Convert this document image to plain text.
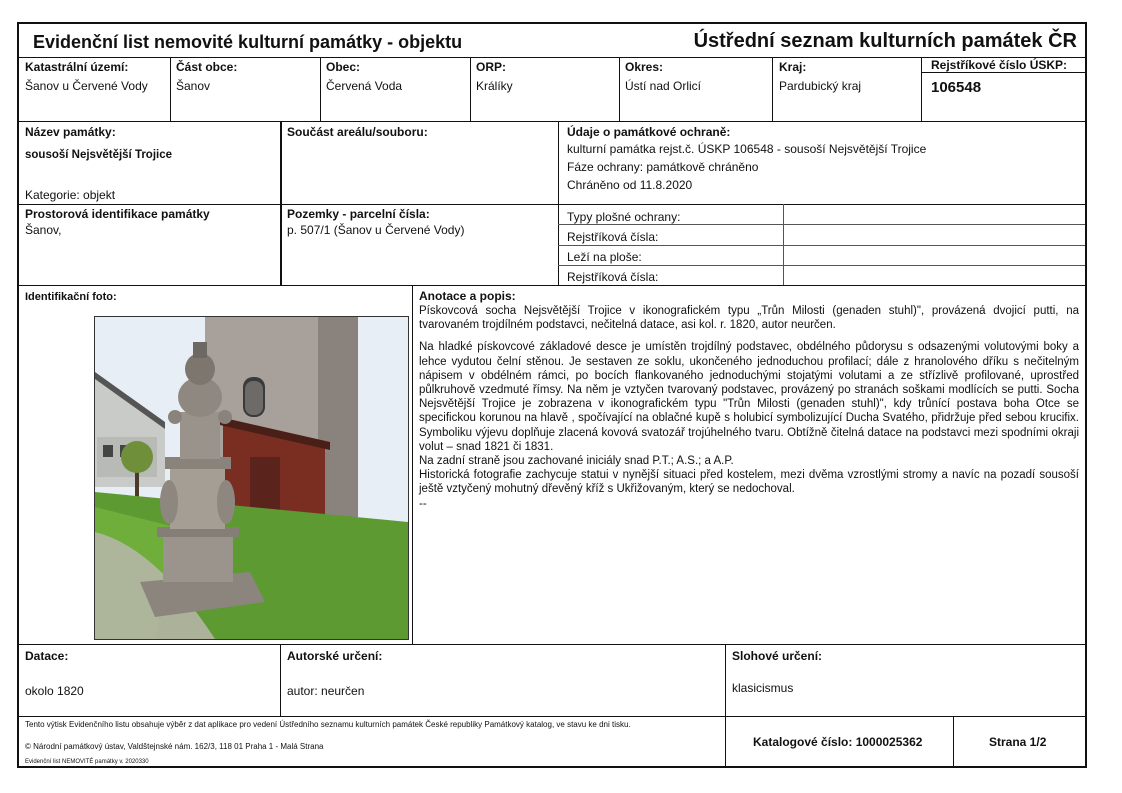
Evidenční list nemovité kulturní památky - objektu	Ústřední seznam kulturních památek ČR
Katastrální území:
Šanov u Červené Vody
Část obce:
Šanov
Obec:
Červená Voda
ORP:
Králíky
Okres:
Ústí nad Orlicí
Kraj:
Pardubický kraj
Rejstříkové číslo ÚSKP:
106548
Název památky:
sousoší Nejsvětější Trojice
Kategorie: objekt
Součást areálu/souboru:	Údaje o památkové ochraně:
kulturní památka rejst.č. ÚSKP 106548 - sousoší Nejsvětější Trojice
Fáze ochrany: památkově chráněno
Chráněno od 11.8.2020
Prostorová identifikace památky
Šanov,
Pozemky - parcelní čísla:
p. 507/1 (Šanov u Červené Vody)
Typy plošné ochrany:
Rejstříková čísla:
Leží na ploše:
Rejstříková čísla:
Identifikační foto:	Anotace a popis:

Pískovcová socha Nejsvětější Trojice v ikonografickém typu „Trůn Milosti (genaden stuhl)", provázená dvojicí putti, na tvarovaném trojdílném podstavci, nečitelná datace, asi kol. r. 1820, autor neurčen.

Na hladké pískovcové základové desce je umístěn trojdílný podstavec, obdélného půdorysu s odsazenými volutovými boky a lehce vydutou čelní stěnou. Je sestaven ze soklu, ukončeného jednoduchou profilací; dále z hranolového dříku s nečitelným nápisem v obdélném rámci, po bocích flankovaného jednoduchými stojatými volutami a ze střízlivě profilované, uprostřed půlkruhově vzedmuté římsy. Na něm je vztyčen tvarovaný podstavec, provázený po stranách soškami modlících se putti. Socha Nejsvětější Trojice je zobrazena v ikonografickém typu "Trůn Milosti (genaden stuhl)", kdy trůnící postava boha Otce se specifickou korunou na hlavě , spočívající na oblačné kupě s holubicí symbolizující Ducha Svatého, přidržuje před sebou krucifix. Symboliku výjevu doplňuje zlacená kovová svatozář trojúhelného tvaru. Obtížně čitelná datace na podstavci mezi spodními okraji volut – snad 1821 či 1831.

Na zadní straně jsou zachované iniciály snad P.T.; A.S.; a A.P.

Historická fotografie zachycuje statui v nynější situaci před kostelem, mezi dvěma vzrostlými stromy a navíc na pozadí sousoší ještě vztyčený mohutný dřevěný kříž s Ukřižovaným, který se nedochoval.

--

Datace:
okolo 1820
Autorské určení:
autor: neurčen
Slohové určení:
klasicismus
Tento výtisk Evidenčního listu obsahuje výběr z dat aplikace pro vedení Ústředního seznamu kulturních památek České republiky Památkový katalog, ve stavu ke dni tisku.
© Národní památkový ústav, Valdštejnské nám. 162/3, 118 01 Praha 1 - Malá Strana
Evidenční list NEMOVITÉ památky v. 2020330
Katalogové číslo: 1000025362	Strana 1/2
